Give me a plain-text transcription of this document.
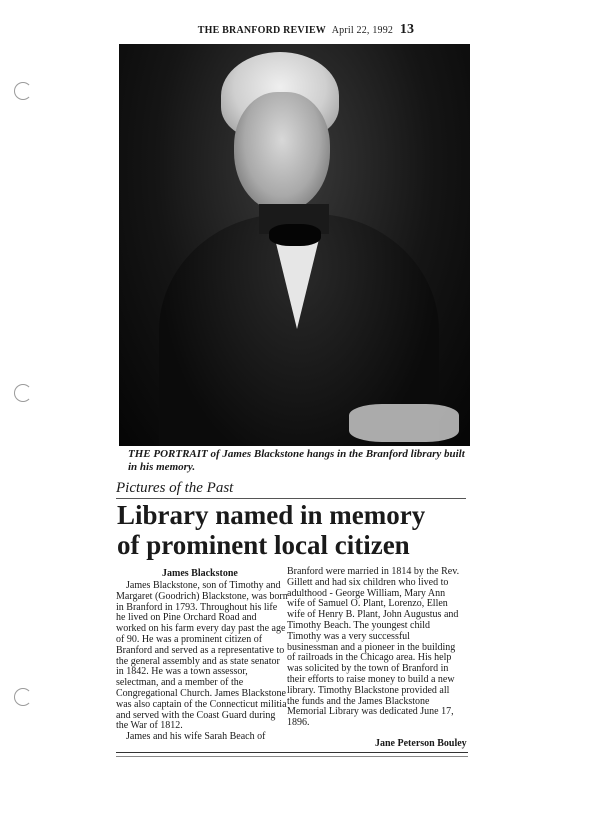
THE BRANFORD REVIEW April 22, 1992 13
THE PORTRAIT of James Blackstone hangs in the Branford library built in his memory.
Pictures of the Past
Library named in memory
of prominent local citizen
James Blackstone

James Blackstone, son of Timothy and Margaret (Goodrich) Blackstone, was born in Branford in 1793. Throughout his life he lived on Pine Orchard Road and worked on his farm every day past the age of 90. He was a prominent citizen of Branford and served as a representative to the general assembly and as state senator in 1842. He was a town assessor, selectman, and a member of the Congregational Church. James Blackstone was also captain of the Connecticut militia and served with the Coast Guard during the War of 1812.

James and his wife Sarah Beach of

Branford were married in 1814 by the Rev. Gillett and had six children who lived to adulthood - George William, Mary Ann wife of Samuel O. Plant, Lorenzo, Ellen wife of Henry B. Plant, John Augustus and Timothy Beach. The youngest child Timothy was a very successful businessman and a pioneer in the building of railroads in the Chicago area. His help was solicited by the town of Branford in their efforts to raise money to build a new library. Timothy Blackstone provided all the funds and the James Blackstone Memorial Library was dedicated June 17, 1896.

Jane Peterson Bouley
